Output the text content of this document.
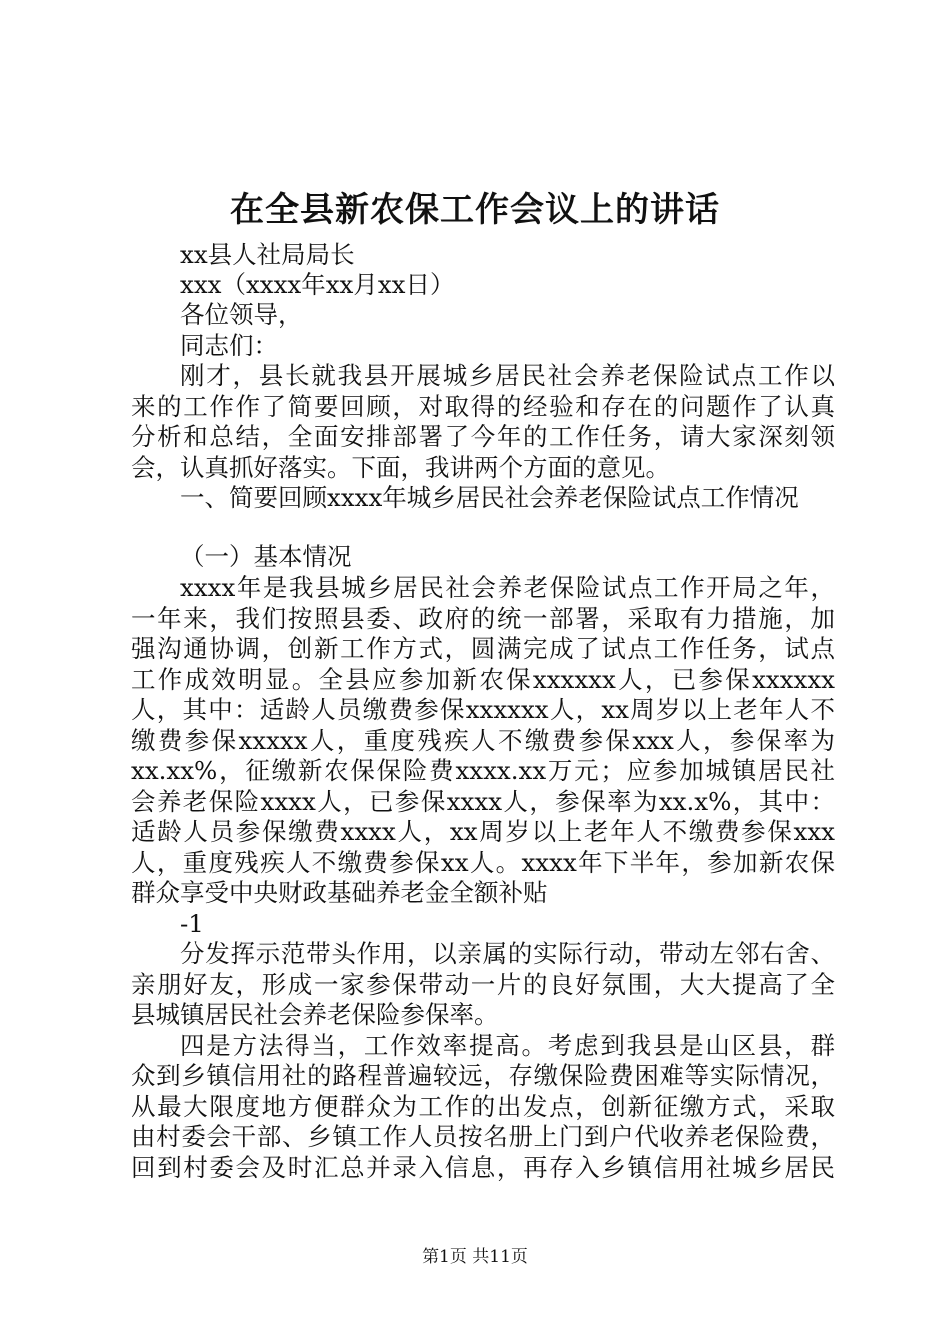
在全县新农保工作会议上的讲话
xx县人社局局长
xxx（xxxx年xx月xx日）
各位领导，
同志们：
刚才，县长就我县开展城乡居民社会养老保险试点工作以
来的工作作了简要回顾，对取得的经验和存在的问题作了认真
分析和总结，全面安排部署了今年的工作任务，请大家深刻领
会，认真抓好落实。下面，我讲两个方面的意见。
一、简要回顾xxxx年城乡居民社会养老保险试点工作情况
（一）基本情况
xxxx年是我县城乡居民社会养老保险试点工作开局之年，
一年来，我们按照县委、政府的统一部署，采取有力措施，加
强沟通协调，创新工作方式，圆满完成了试点工作任务，试点
工作成效明显。全县应参加新农保xxxxxx人，已参保xxxxxx
人，其中：适龄人员缴费参保xxxxxx人，xx周岁以上老年人不
缴费参保xxxxx人，重度残疾人不缴费参保xxx人，参保率为
xx.xx%，征缴新农保保险费xxxx.xx万元；应参加城镇居民社
会养老保险xxxx人，已参保xxxx人，参保率为xx.x%，其中：
适龄人员参保缴费xxxx人，xx周岁以上老年人不缴费参保xxx
人，重度残疾人不缴费参保xx人。xxxx年下半年，参加新农保
群众享受中央财政基础养老金全额补贴
-1
分发挥示范带头作用，以亲属的实际行动，带动左邻右舍、
亲朋好友，形成一家参保带动一片的良好氛围，大大提高了全
县城镇居民社会养老保险参保率。
四是方法得当，工作效率提高。考虑到我县是山区县，群
众到乡镇信用社的路程普遍较远，存缴保险费困难等实际情况，
从最大限度地方便群众为工作的出发点，创新征缴方式，采取
由村委会干部、乡镇工作人员按名册上门到户代收养老保险费，
回到村委会及时汇总并录入信息，再存入乡镇信用社城乡居民
第1页 共11页
